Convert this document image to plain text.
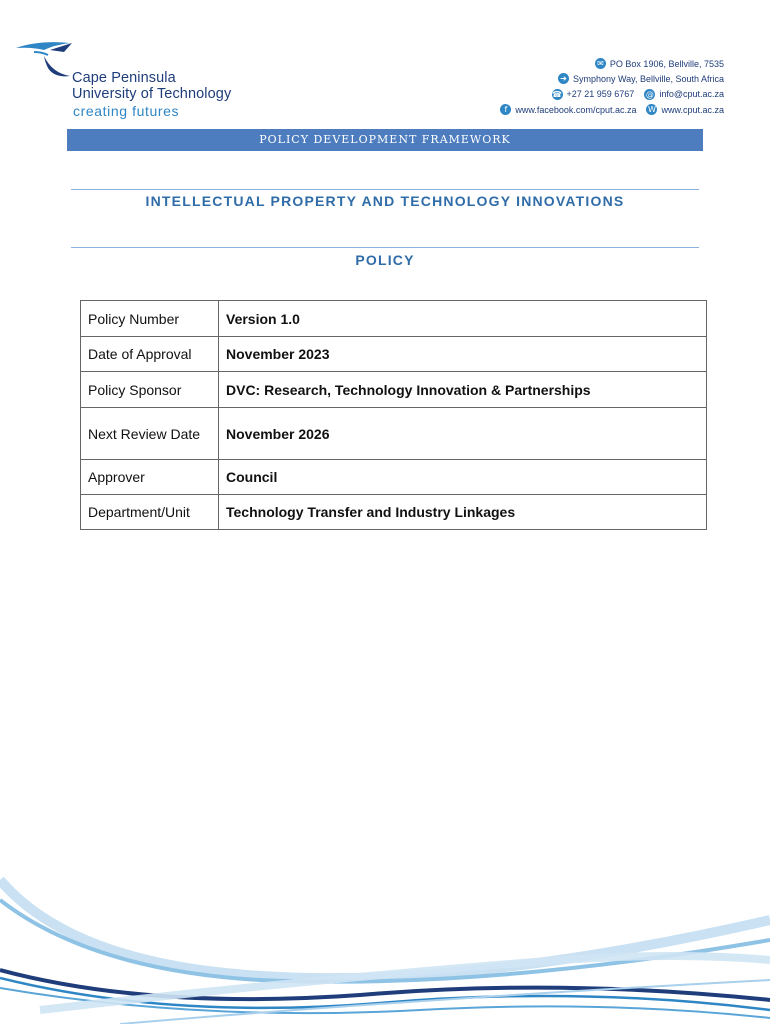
Cape Peninsula
University of Technology
creating futures
✉ PO Box 1906, Bellville, 7535
➜ Symphony Way, Bellville, South Africa
☎ +27 21 959 6767 @ info@cput.ac.za
f www.facebook.com/cput.ac.za W www.cput.ac.za
POLICY DEVELOPMENT FRAMEWORK
INTELLECTUAL PROPERTY AND TECHNOLOGY INNOVATIONS
POLICY
Policy Number	Version 1.0
Date of Approval	November 2023
Policy Sponsor	DVC: Research, Technology Innovation & Partnerships
Next Review Date	November 2026
Approver	Council
Department/Unit	Technology Transfer and Industry Linkages
